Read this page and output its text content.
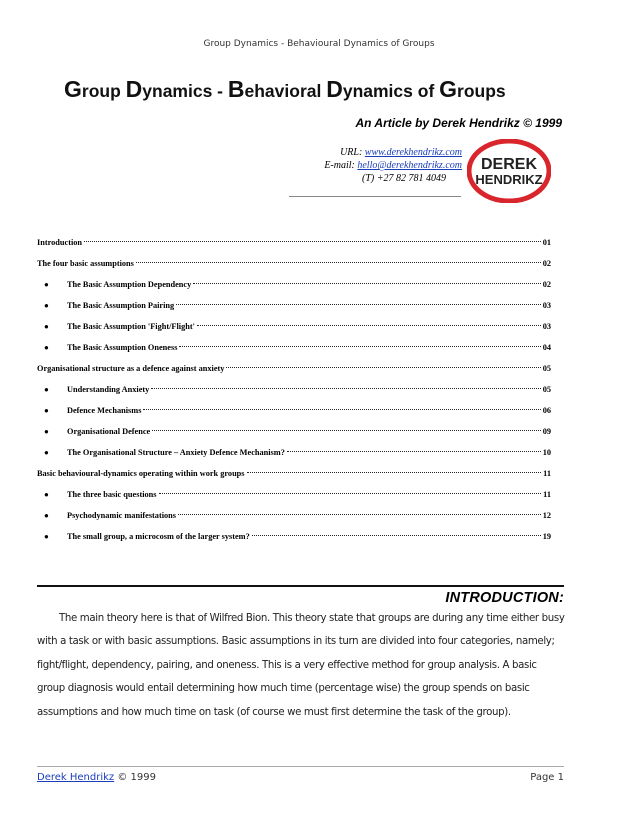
Group Dynamics - Behavioural Dynamics of Groups
Group Dynamics - Behavioral Dynamics of Groups
An Article by Derek Hendrikz © 1999
URL: www.derekhendrikz.com
E-mail: hello@derekhendrikz.com
(T) +27 82 781 4049
DEREK
HENDRIKZ
Introduction	01
The four basic assumptions	02
●	The Basic Assumption Dependency	02
●	The Basic Assumption Pairing	03
●	The Basic Assumption 'Fight/Flight'	03
●	The Basic Assumption Oneness	04
Organisational structure as a defence against anxiety	05
●	Understanding Anxiety	05
●	Defence Mechanisms	06
●	Organisational Defence	09
●	The Organisational Structure – Anxiety Defence Mechanism?	10
Basic behavioural-dynamics operating within work groups	11
●	The three basic questions	11
●	Psychodynamic manifestations	12
●	The small group, a microcosm of the larger system?	19
INTRODUCTION:

The main theory here is that of Wilfred Bion. This theory state that groups are during any time either busy with a task or with basic assumptions. Basic assumptions in its turn are divided into four categories, namely; fight/flight, dependency, pairing, and oneness. This is a very effective method for group analysis. A basic group diagnosis would entail determining how much time (percentage wise) the group spends on basic assumptions and how much time on task (of course we must first determine the task of the group).

Derek Hendrikz © 1999	Page 1
